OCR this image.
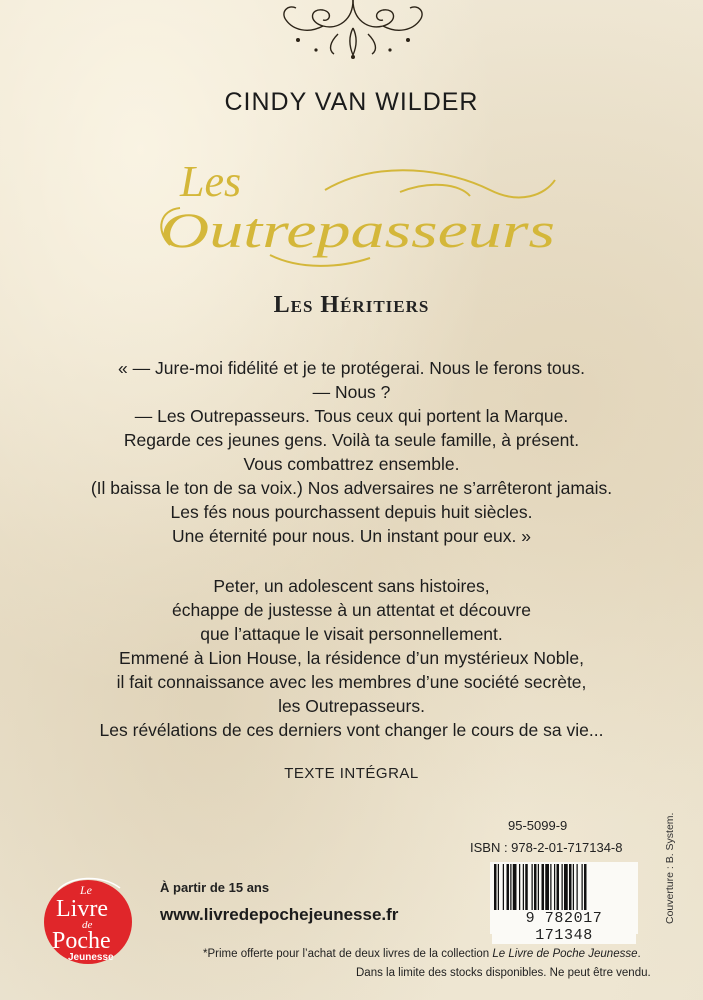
CINDY VAN WILDER
Les
Outrepasseurs
Les Héritiers
« — Jure-moi fidélité et je te protégerai. Nous le ferons tous.
— Nous ?
— Les Outrepasseurs. Tous ceux qui portent la Marque.
Regarde ces jeunes gens. Voilà ta seule famille, à présent.
Vous combattrez ensemble.
(Il baissa le ton de sa voix.) Nos adversaires ne s’arrêteront jamais.
Les fés nous pourchassent depuis huit siècles.
Une éternité pour nous. Un instant pour eux. »
Peter, un adolescent sans histoires,
échappe de justesse à un attentat et découvre
que l’attaque le visait personnellement.
Emmené à Lion House, la résidence d’un mystérieux Noble,
il fait connaissance avec les membres d’une société secrète,
les Outrepasseurs.
Les révélations de ces derniers vont changer le cours de sa vie...
TEXTE INTÉGRAL
95-5099-9
ISBN : 978-2-01-717134-8
9 782017 171348
Couverture : B. System.
Le
Livre
de
Poche
Jeunesse
À partir de 15 ans
www.livredepochejeunesse.fr
*Prime offerte pour l’achat de deux livres de la collection Le Livre de Poche Jeunesse.
Dans la limite des stocks disponibles. Ne peut être vendu.
